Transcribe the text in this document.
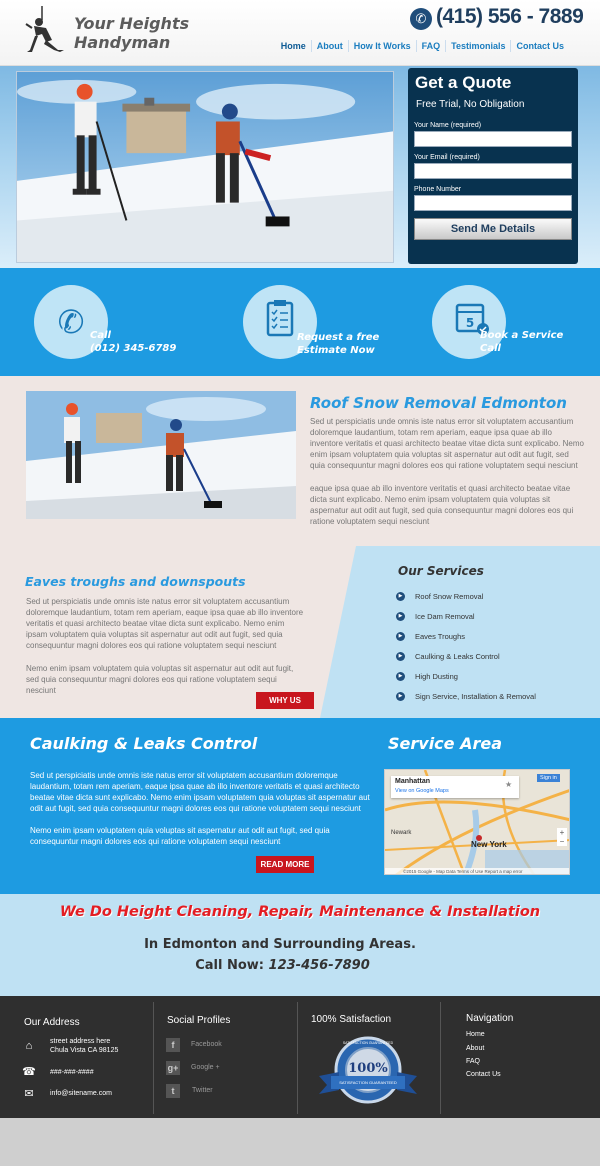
Your Heights
Handyman
✆ (415) 556 - 7889
Home	About	How It Works	FAQ	Testimonials	Contact Us
Get a Quote
Free Trial, No Obligation
Your Name (required)
Your Email (required)
Phone Number
Send Me Details
✆ Call
(012) 345-6789
Request a free
Estimate Now
5
Book a Service
Call
Roof Snow Removal Edmonton
Sed ut perspiciatis unde omnis iste natus error sit voluptatem accusantium doloremque laudantium, totam rem aperiam, eaque ipsa quae ab illo inventore veritatis et quasi architecto beatae vitae dicta sunt explicabo. Nemo enim ipsam voluptatem quia voluptas sit aspernatur aut odit aut fugit, sed quia consequuntur magni dolores eos qui ratione voluptatem sequi nesciunt
eaque ipsa quae ab illo inventore veritatis et quasi architecto beatae vitae dicta sunt explicabo. Nemo enim ipsam voluptatem quia voluptas sit aspernatur aut odit aut fugit, sed quia consequuntur magni dolores eos qui ratione voluptatem sequi nesciunt
Eaves troughs and downspouts
Sed ut perspiciatis unde omnis iste natus error sit voluptatem accusantium doloremque laudantium, totam rem aperiam, eaque ipsa quae ab illo inventore veritatis et quasi architecto beatae vitae dicta sunt explicabo. Nemo enim ipsam voluptatem quia voluptas sit aspernatur aut odit aut fugit, sed quia consequuntur magni dolores eos qui ratione voluptatem sequi nesciunt
Nemo enim ipsam voluptatem quia voluptas sit aspernatur aut odit aut fugit, sed quia consequuntur magni dolores eos qui ratione voluptatem sequi nesciunt
WHY US
Our Services
▶	Roof Snow Removal
▶	Ice Dam Removal
▶	Eaves Troughs
▶	Caulking & Leaks Control
▶	High Dusting
▶	Sign Service, Installation & Removal
Caulking & Leaks Control
Sed ut perspiciatis unde omnis iste natus error sit voluptatem accusantium doloremque laudantium, totam rem aperiam, eaque ipsa quae ab illo inventore veritatis et quasi architecto beatae vitae dicta sunt explicabo. Nemo enim ipsam voluptatem quia voluptas sit aspernatur aut odit aut fugit, sed quia consequuntur magni dolores eos qui ratione voluptatem sequi nesciunt
Nemo enim ipsam voluptatem quia voluptas sit aspernatur aut odit aut fugit, sed quia consequuntur magni dolores eos qui ratione voluptatem sequi nesciunt
READ MORE
Service Area
Manhattan
View on Google Maps
★
Sign in
New York
Newark	+
−
©2015 Google - Map Data Terms of Use Report a map error
We Do Height Cleaning, Repair, Maintenance & Installation
In Edmonton and Surrounding Areas.
Call Now: 123-456-7890
Our Address
⌂	street address here
Chula Vista CA 98125
☎ ###-###-####
✉	info@sitename.com
Social Profiles
f	Facebook
g+ Google +
t	Twitter
100% Satisfaction
SATISFACTION GUARANTEED
100%
SATISFACTION GUARANTEED
Navigation
Home
About
FAQ
Contact Us
